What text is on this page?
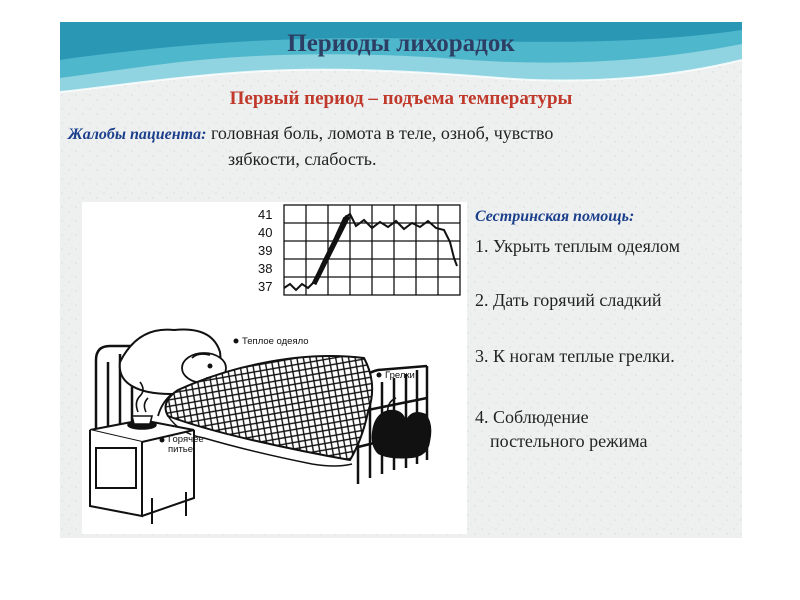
Периоды лихорадок
Первый период – подъема температуры
Жалобы пациента: головная боль, ломота в теле, озноб, чувство
зябкости, слабость.
41
40
39
38
37
Теплое одеяло
Грелки
Горячее
питье
Сестринская помощь:
1. Укрыть теплым одеялом
2. Дать горячий сладкий
3. К ногам теплые грелки.
4. Соблюдение
постельного режима
